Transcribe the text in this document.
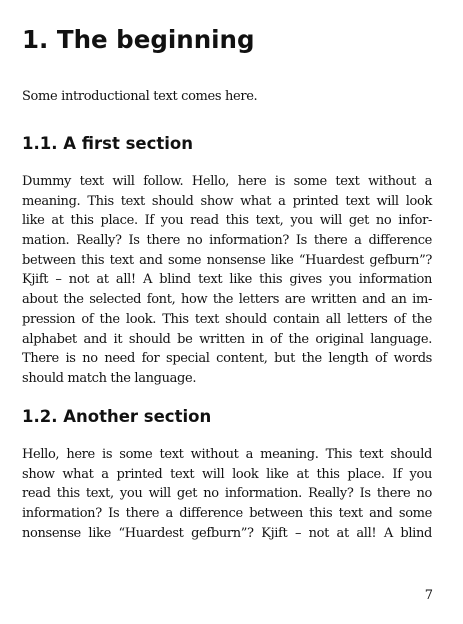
1. The beginning

Some introductional text comes here.

1.1. A first section

Dummy text will follow. Hello, here is some text without a
meaning. This text should show what a printed text will look
like at this place. If you read this text, you will get no infor-
mation. Really? Is there no information? Is there a difference
between this text and some nonsense like “Huardest gefburn”?
Kjift – not at all! A blind text like this gives you information
about the selected font, how the letters are written and an im-
pression of the look. This text should contain all letters of the
alphabet and it should be written in of the original language.
There is no need for special content, but the length of words
should match the language.

1.2. Another section

Hello, here is some text without a meaning. This text should
show what a printed text will look like at this place. If you
read this text, you will get no information. Really? Is there no
information? Is there a difference between this text and some
nonsense like “Huardest gefburn”? Kjift – not at all! A blind

7
